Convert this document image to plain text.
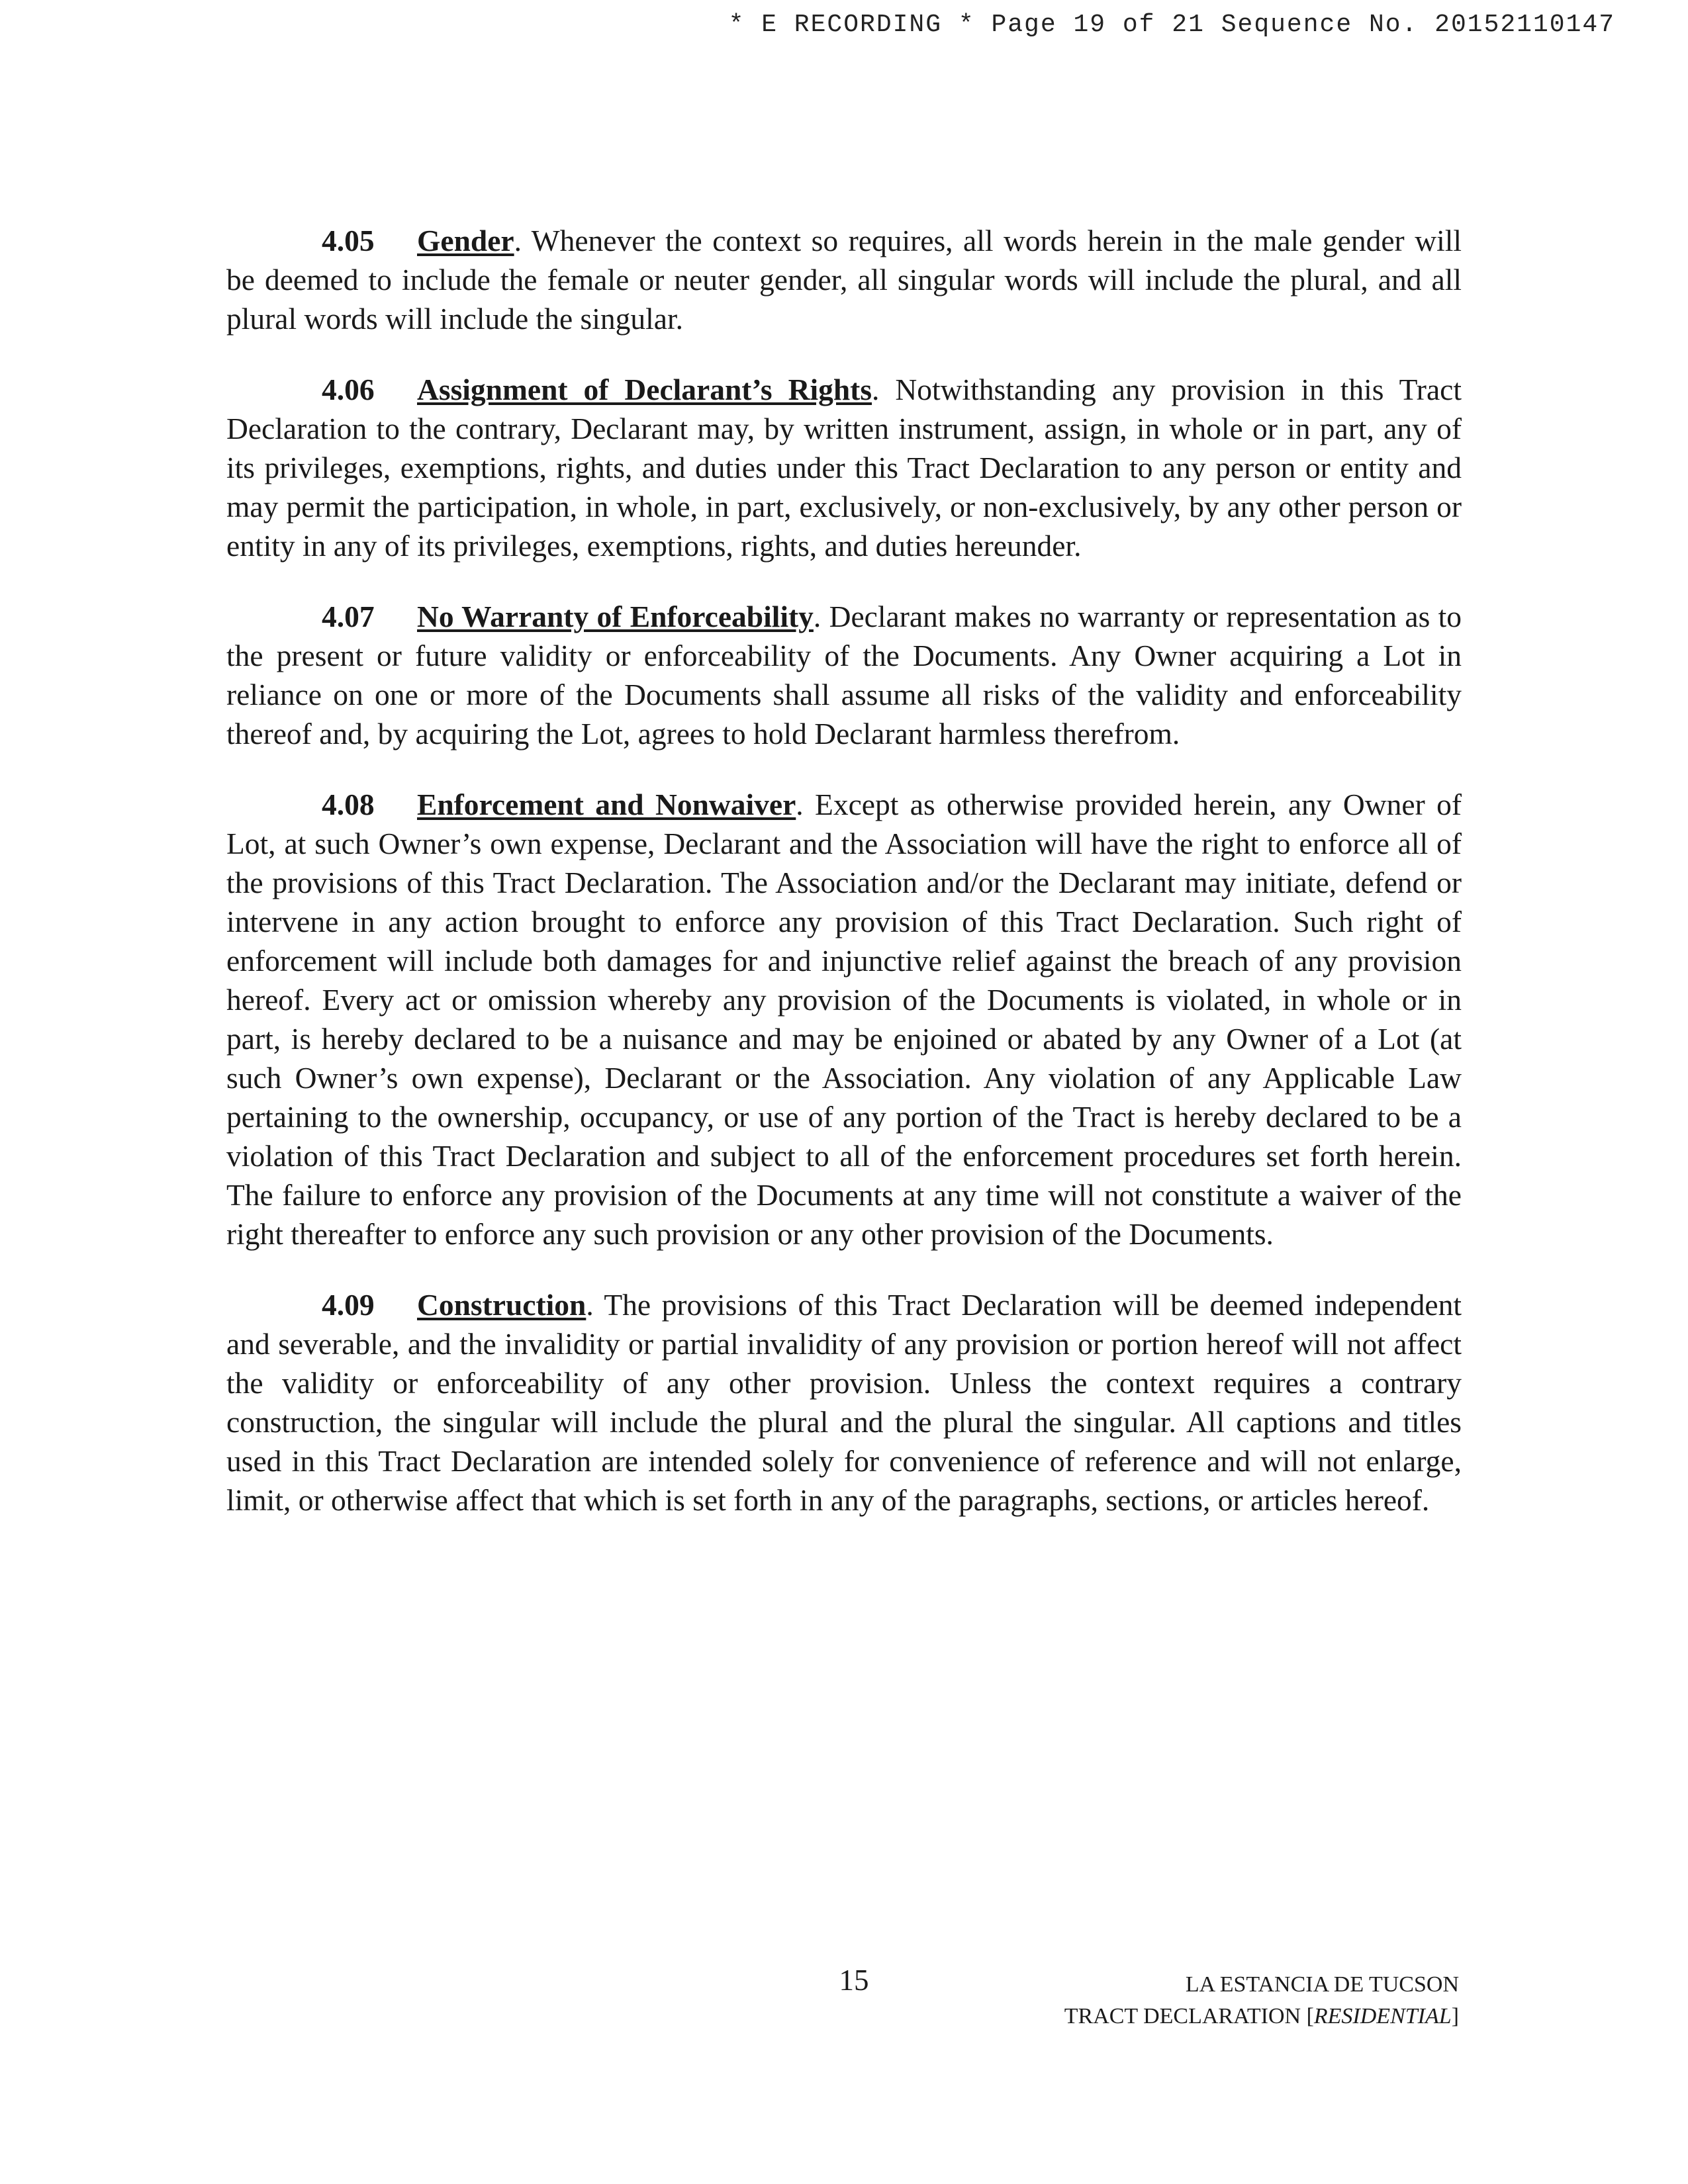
* E RECORDING * Page 19 of 21 Sequence No. 20152110147

4.05 Gender. Whenever the context so requires, all words herein in the male gender will be deemed to include the female or neuter gender, all singular words will include the plural, and all plural words will include the singular.

4.06 Assignment of Declarant’s Rights. Notwithstanding any provision in this Tract Declaration to the contrary, Declarant may, by written instrument, assign, in whole or in part, any of its privileges, exemptions, rights, and duties under this Tract Declaration to any person or entity and may permit the participation, in whole, in part, exclusively, or non-exclusively, by any other person or entity in any of its privileges, exemptions, rights, and duties hereunder.

4.07 No Warranty of Enforceability. Declarant makes no warranty or representation as to the present or future validity or enforceability of the Documents. Any Owner acquiring a Lot in reliance on one or more of the Documents shall assume all risks of the validity and enforceability thereof and, by acquiring the Lot, agrees to hold Declarant harmless therefrom.

4.08 Enforcement and Nonwaiver. Except as otherwise provided herein, any Owner of Lot, at such Owner’s own expense, Declarant and the Association will have the right to enforce all of the provisions of this Tract Declaration. The Association and/or the Declarant may initiate, defend or intervene in any action brought to enforce any provision of this Tract Declaration. Such right of enforcement will include both damages for and injunctive relief against the breach of any provision hereof. Every act or omission whereby any provision of the Documents is violated, in whole or in part, is hereby declared to be a nuisance and may be enjoined or abated by any Owner of a Lot (at such Owner’s own expense), Declarant or the Association. Any violation of any Applicable Law pertaining to the ownership, occupancy, or use of any portion of the Tract is hereby declared to be a violation of this Tract Declaration and subject to all of the enforcement procedures set forth herein. The failure to enforce any provision of the Documents at any time will not constitute a waiver of the right thereafter to enforce any such provision or any other provision of the Documents.

4.09 Construction. The provisions of this Tract Declaration will be deemed independent and severable, and the invalidity or partial invalidity of any provision or portion hereof will not affect the validity or enforceability of any other provision. Unless the context requires a contrary construction, the singular will include the plural and the plural the singular. All captions and titles used in this Tract Declaration are intended solely for convenience of reference and will not enlarge, limit, or otherwise affect that which is set forth in any of the paragraphs, sections, or articles hereof.

15	LA ESTANCIA DE TUCSON
TRACT DECLARATION [RESIDENTIAL]
